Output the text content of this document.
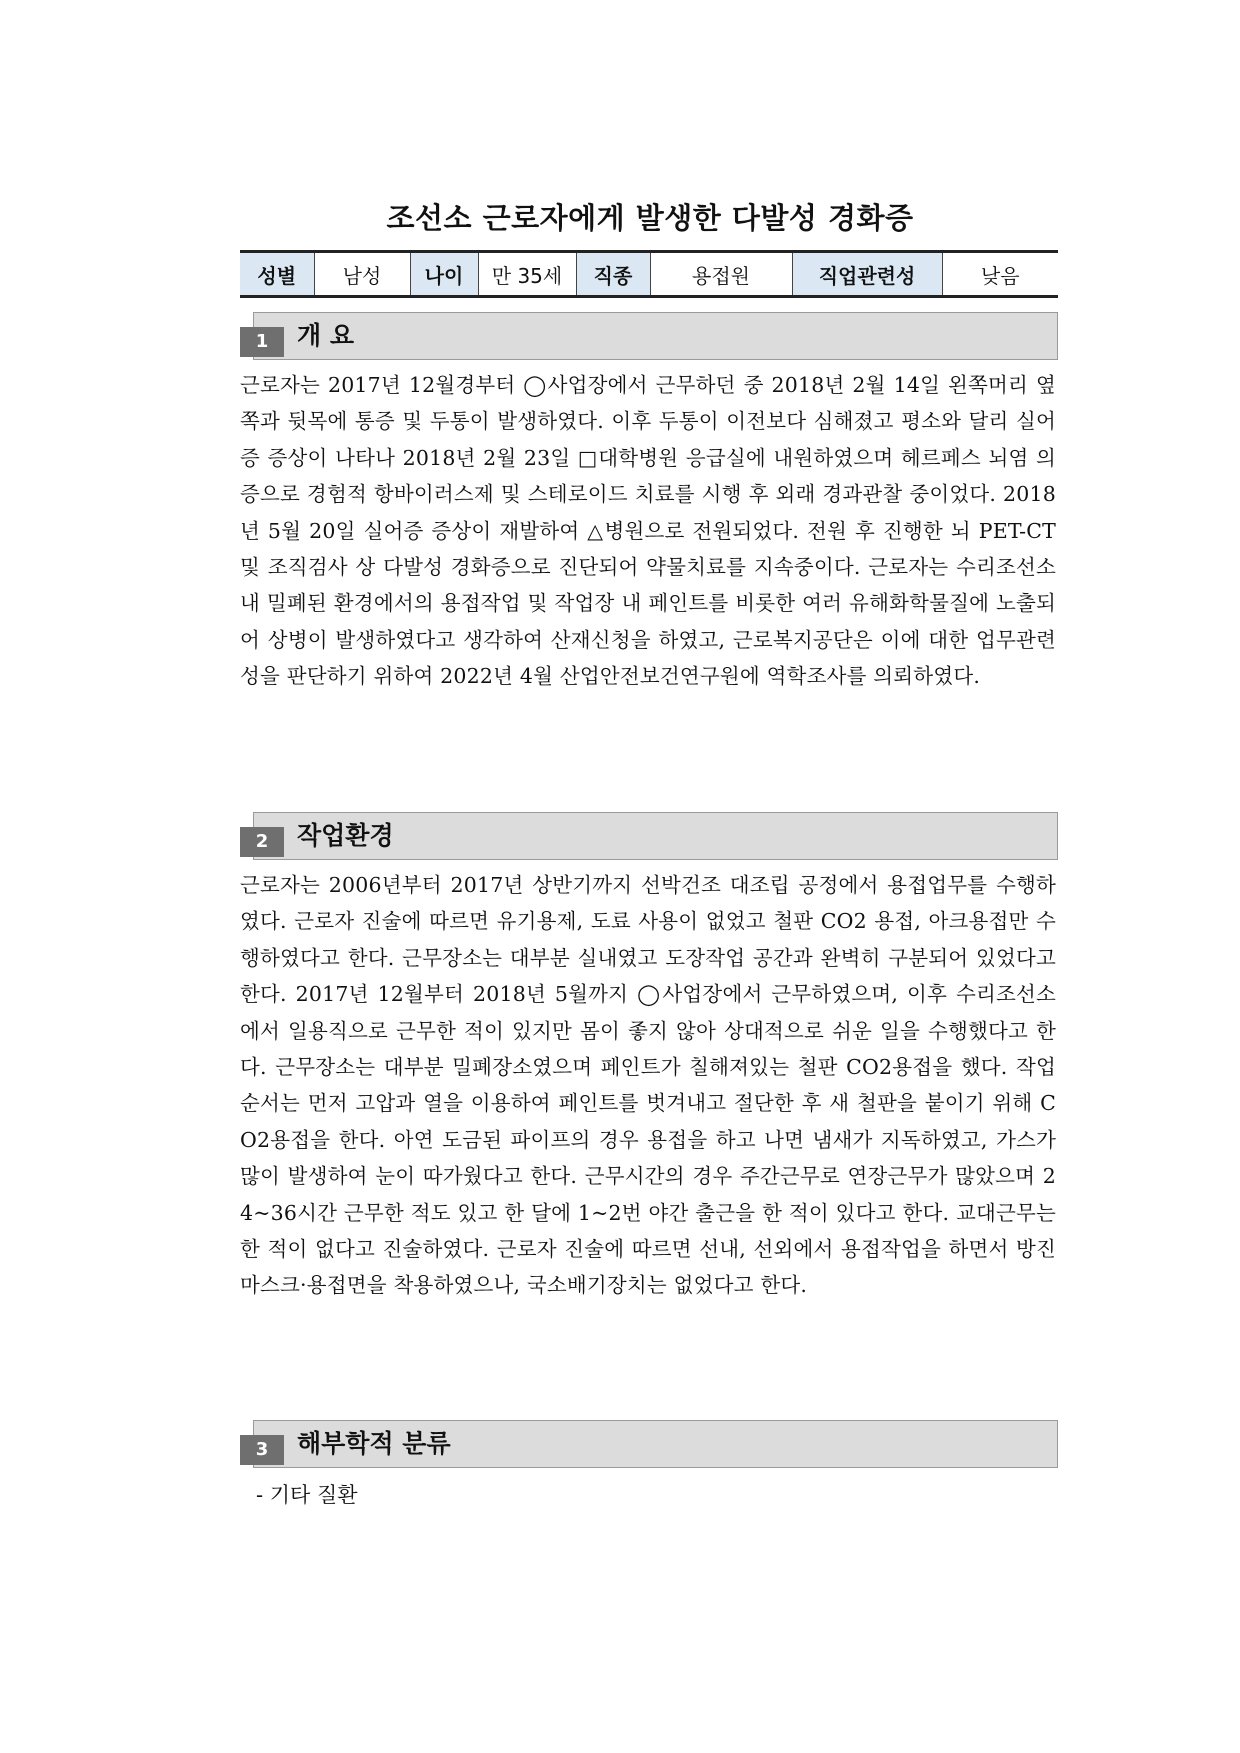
조선소 근로자에게 발생한 다발성 경화증
성별	남성	나이	만 35세	직종	용접원	직업관련성	낮음
1	개 요

근로자는 2017년 12월경부터 ◯사업장에서 근무하던 중 2018년 2월 14일 왼쪽머리 옆쪽과 뒷목에 통증 및 두통이 발생하였다. 이후 두통이 이전보다 심해졌고 평소와 달리 실어증 증상이 나타나 2018년 2월 23일 □대학병원 응급실에 내원하였으며 헤르페스 뇌염 의증으로 경험적 항바이러스제 및 스테로이드 치료를 시행 후 외래 경과관찰 중이었다. 2018년 5월 20일 실어증 증상이 재발하여 △병원으로 전원되었다. 전원 후 진행한 뇌 PET-CT 및 조직검사 상 다발성 경화증으로 진단되어 약물치료를 지속중이다. 근로자는 수리조선소 내 밀폐된 환경에서의 용접작업 및 작업장 내 페인트를 비롯한 여러 유해화학물질에 노출되어 상병이 발생하였다고 생각하여 산재신청을 하였고, 근로복지공단은 이에 대한 업무관련성을 판단하기 위하여 2022년 4월 산업안전보건연구원에 역학조사를 의뢰하였다.

2	작업환경

근로자는 2006년부터 2017년 상반기까지 선박건조 대조립 공정에서 용접업무를 수행하였다. 근로자 진술에 따르면 유기용제, 도료 사용이 없었고 철판 CO2 용접, 아크용접만 수행하였다고 한다. 근무장소는 대부분 실내였고 도장작업 공간과 완벽히 구분되어 있었다고 한다. 2017년 12월부터 2018년 5월까지 ◯사업장에서 근무하였으며, 이후 수리조선소에서 일용직으로 근무한 적이 있지만 몸이 좋지 않아 상대적으로 쉬운 일을 수행했다고 한다. 근무장소는 대부분 밀폐장소였으며 페인트가 칠해져있는 철판 CO2용접을 했다. 작업순서는 먼저 고압과 열을 이용하여 페인트를 벗겨내고 절단한 후 새 철판을 붙이기 위해 CO2용접을 한다. 아연 도금된 파이프의 경우 용접을 하고 나면 냄새가 지독하였고, 가스가 많이 발생하여 눈이 따가웠다고 한다. 근무시간의 경우 주간근무로 연장근무가 많았으며 24~36시간 근무한 적도 있고 한 달에 1~2번 야간 출근을 한 적이 있다고 한다. 교대근무는 한 적이 없다고 진술하였다. 근로자 진술에 따르면 선내, 선외에서 용접작업을 하면서 방진마스크·용접면을 착용하였으나, 국소배기장치는 없었다고 한다.

3	해부학적 분류

- 기타 질환
